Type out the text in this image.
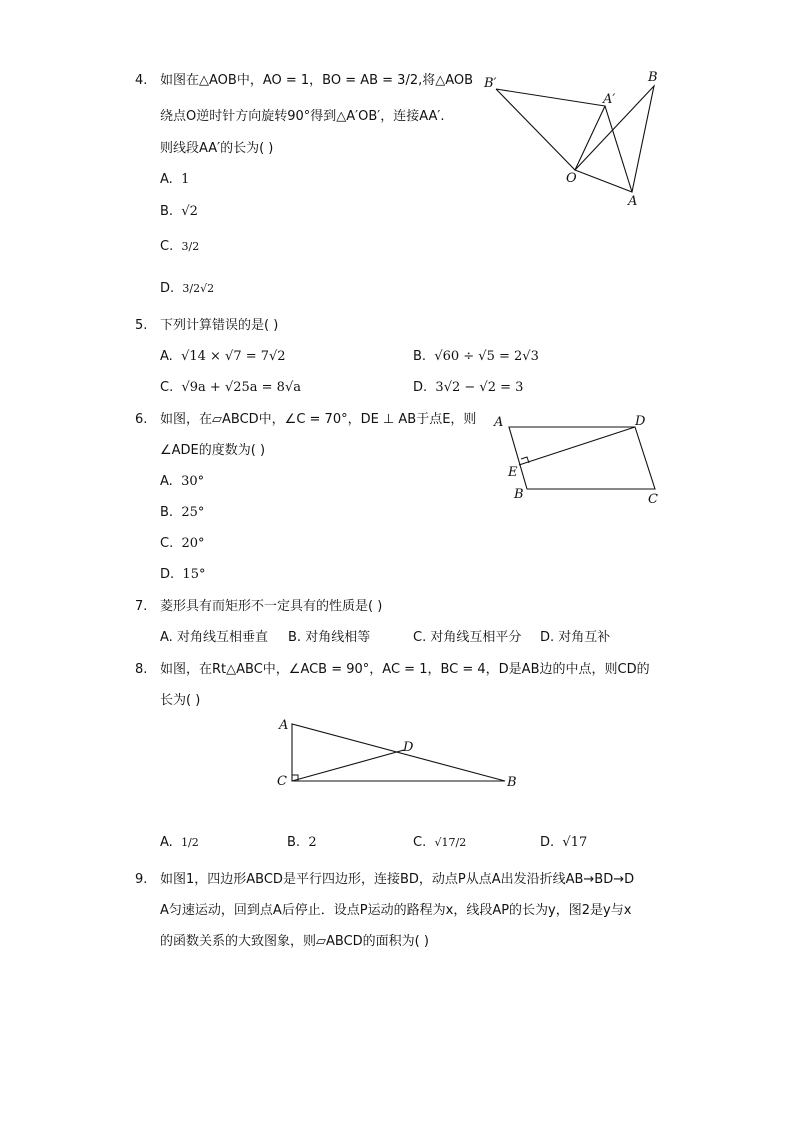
4. 如图在△AOB中，AO = 1，BO = AB = 3/2,将△AOB
绕点O逆时针方向旋转90°得到△A′OB′，连接AA′.
则线段AA′的长为( )
A. 1
B. √2
C. 3/2
D. 3/2√2
B′
A′
B
O
A
5. 下列计算错误的是( )
A. √14 × √7 = 7√2	B. √60 ÷ √5 = 2√3
C. √9a + √25a = 8√a	D. 3√2 − √2 = 3
6. 如图，在▱ABCD中，∠C = 70°，DE ⊥ AB于点E，则
∠ADE的度数为( )
A. 30°
B. 25°
C. 20°
D. 15°
A	D
E
B	C
7. 菱形具有而矩形不一定具有的性质是( )
A. 对角线互相垂直 B. 对角线相等	C. 对角线互相平分 D. 对角互补
8. 如图，在Rt△ABC中，∠ACB = 90°，AC = 1，BC = 4，D是AB边的中点，则CD的
长为( )
A
D
C	B
A. 1/2	B. 2	C. √17/2	D. √17
9. 如图1，四边形ABCD是平行四边形，连接BD，动点P从点A出发沿折线AB→BD→D
A匀速运动，回到点A后停止．设点P运动的路程为x，线段AP的长为y，图2是y与x
的函数关系的大致图象，则▱ABCD的面积为( )
